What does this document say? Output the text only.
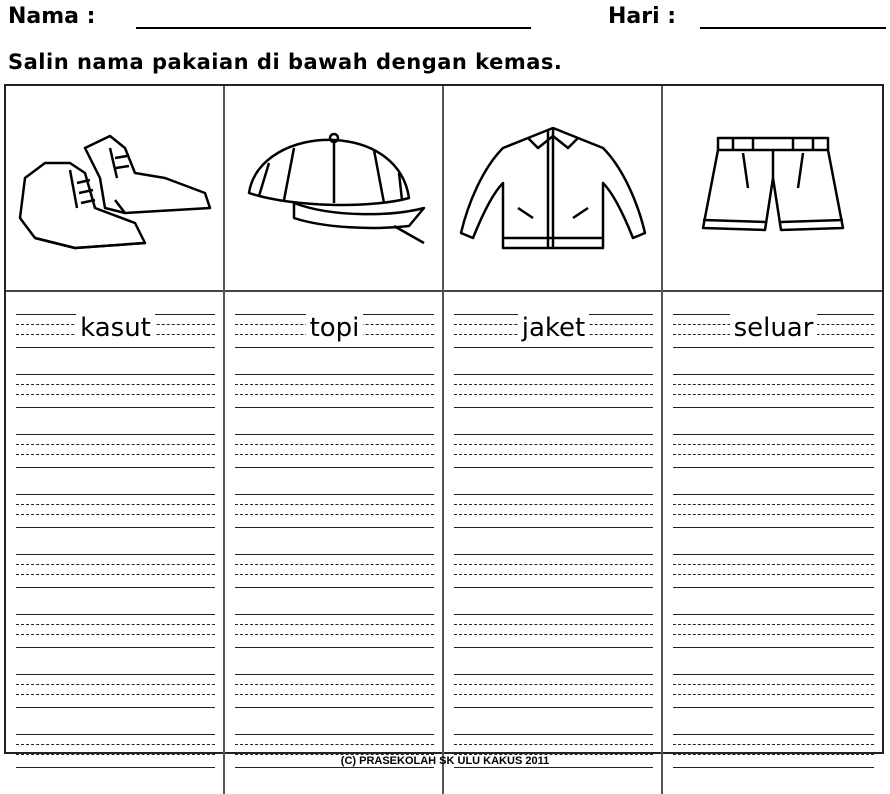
Nama :	Hari :
Salin nama pakaian di bawah dengan kemas.
kasut	topi	jaket	seluar
(C) PRASEKOLAH SK ULU KAKUS 2011
